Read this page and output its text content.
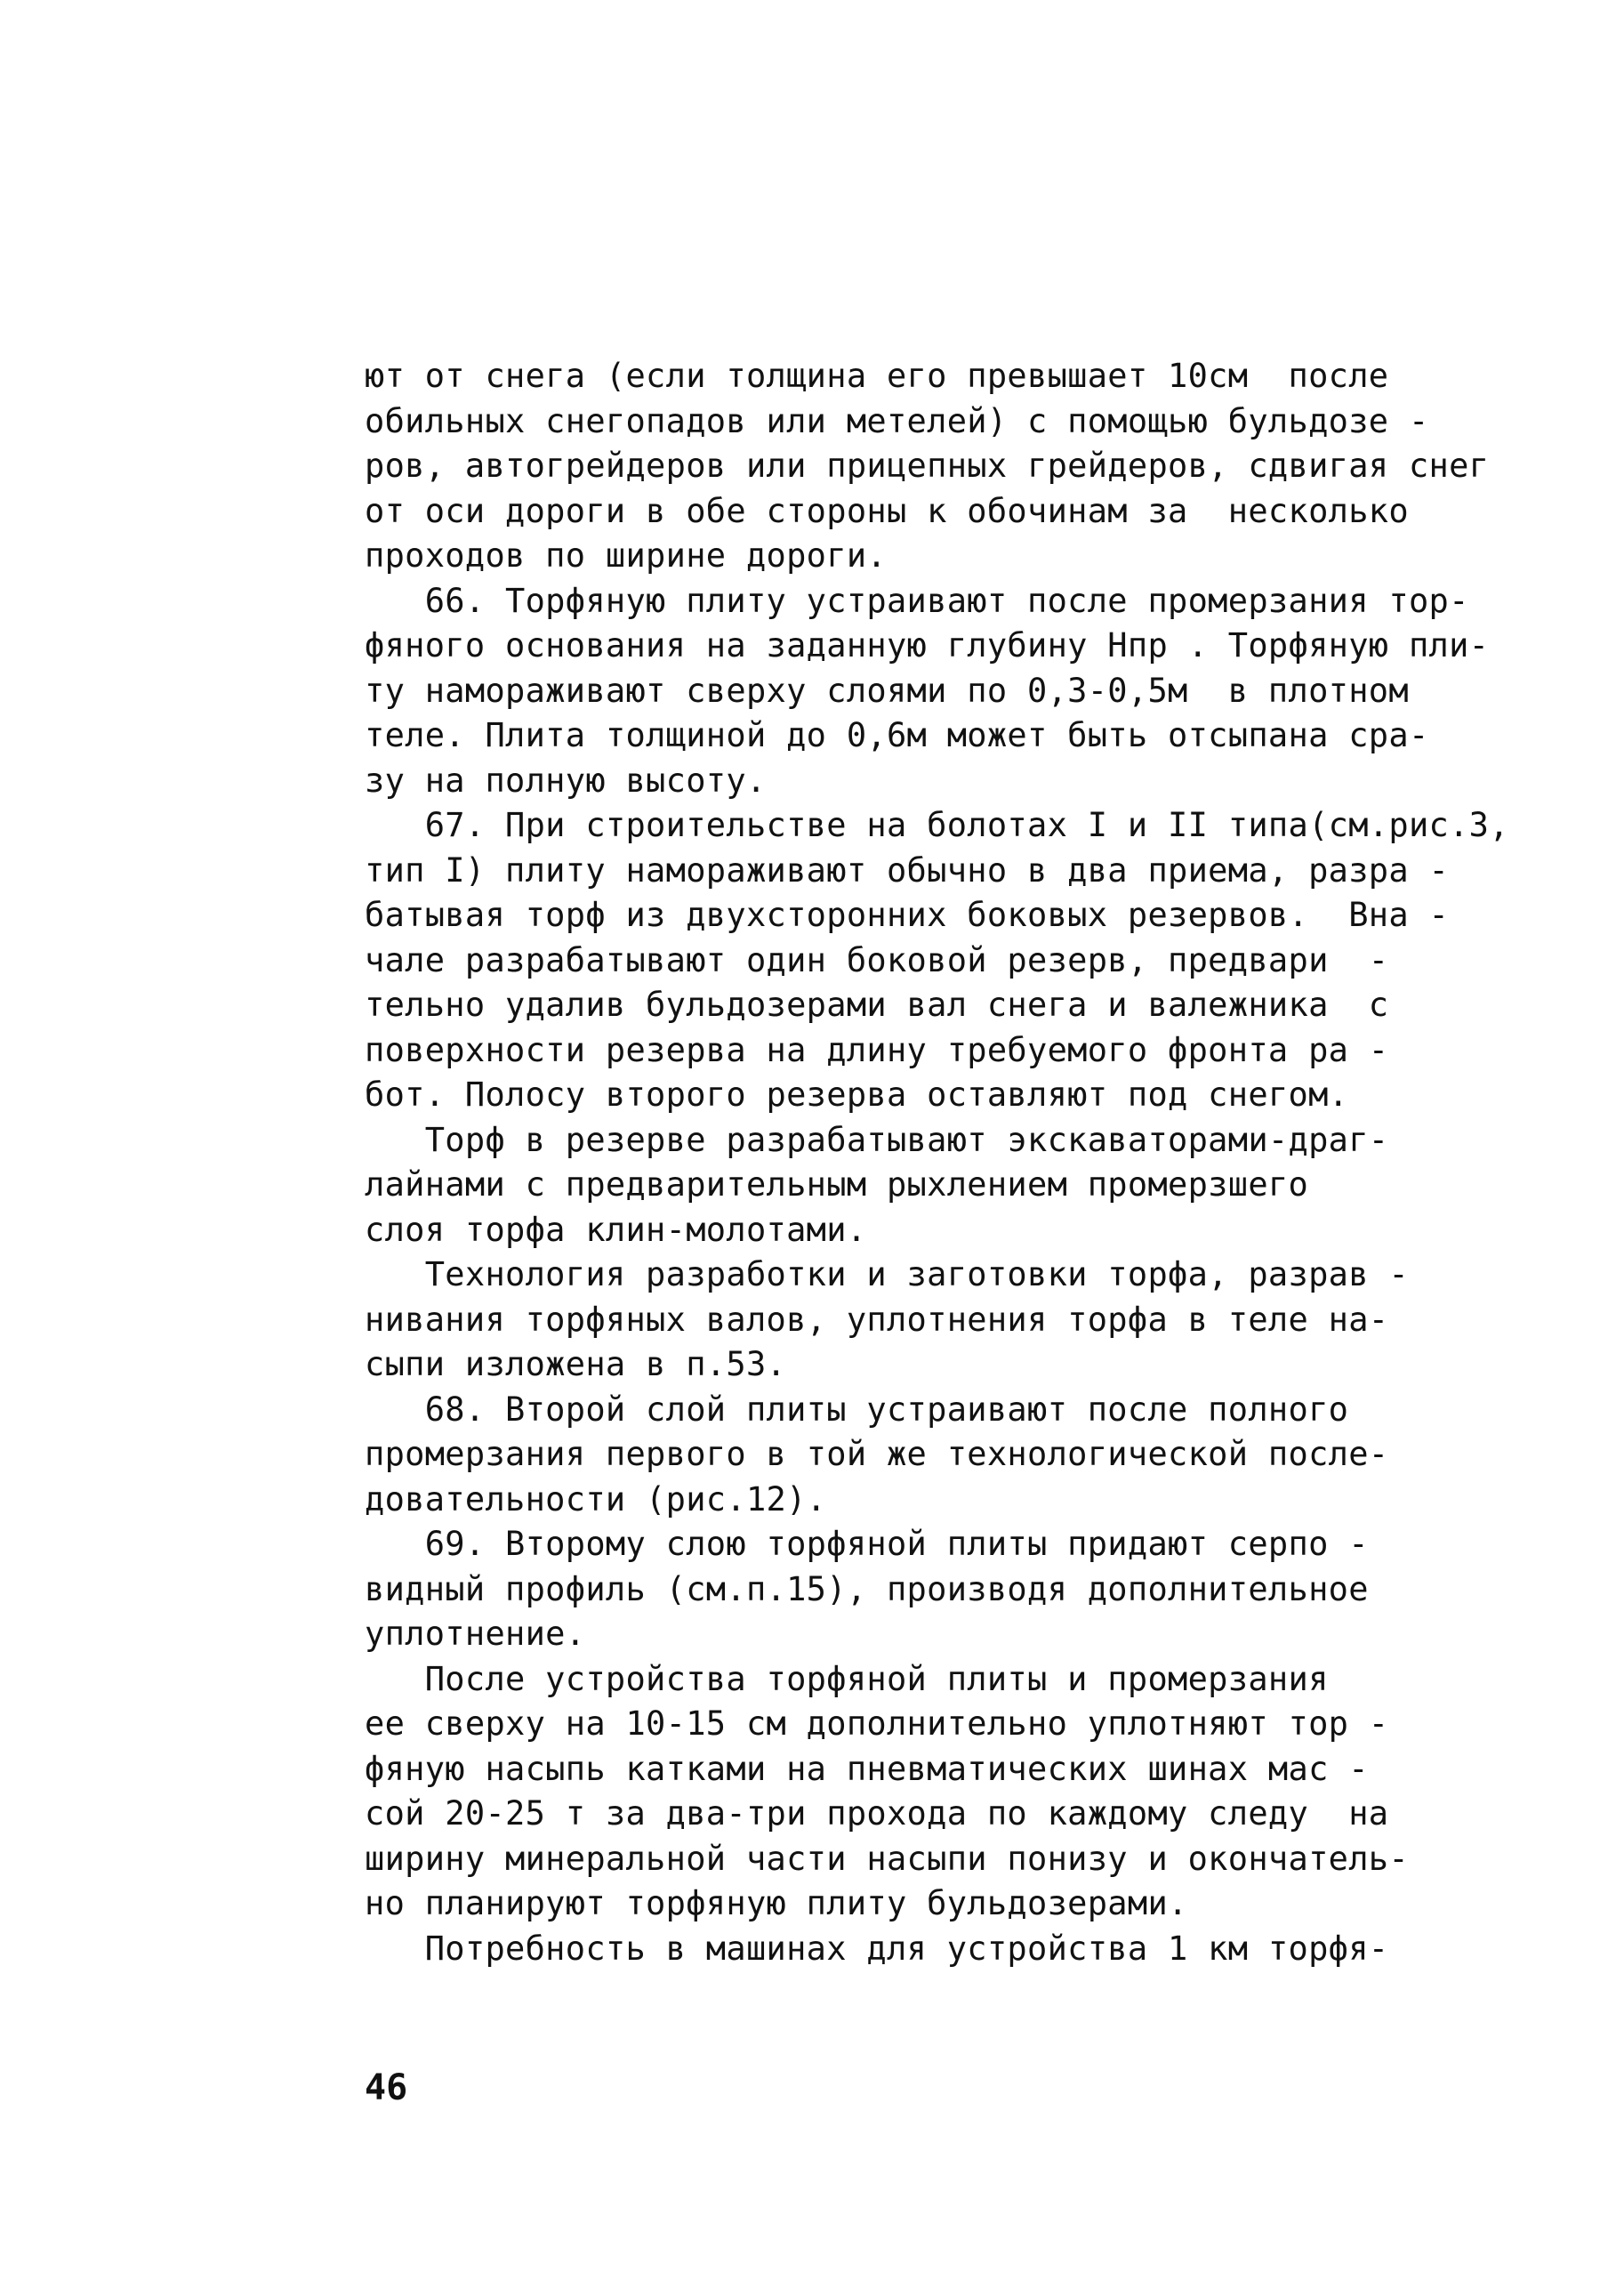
ют от снега (если толщина его превышает 10см  после
обильных снегопадов или метелей) с помощью бульдозе -
ров, автогрейдеров или прицепных грейдеров, сдвигая снег
от оси дороги в обе стороны к обочинам за  несколько
проходов по ширине дороги.
66. Торфяную плиту устраивают после промерзания тор-
фяного основания на заданную глубину Hпр . Торфяную пли-
ту намораживают сверху слоями по 0,3-0,5м  в плотном
теле. Плита толщиной до 0,6м может быть отсыпана сра-
зу на полную высоту.
67. При строительстве на болотах I и II типа(см.рис.3,
тип I) плиту намораживают обычно в два приема, разра -
батывая торф из двухсторонних боковых резервов.  Вна -
чале разрабатывают один боковой резерв, предвари  -
тельно удалив бульдозерами вал снега и валежника  с
поверхности резерва на длину требуемого фронта ра -
бот. Полосу второго резерва оставляют под снегом.
Торф в резерве разрабатывают экскаваторами-драг-
лайнами с предварительным рыхлением промерзшего
слоя торфа клин-молотами.
Технология разработки и заготовки торфа, разрав -
нивания торфяных валов, уплотнения торфа в теле на-
сыпи изложена в п.53.
68. Второй слой плиты устраивают после полного
промерзания первого в той же технологической после-
довательности (рис.12).
69. Второму слою торфяной плиты придают серпо -
видный профиль (см.п.15), производя дополнительное
уплотнение.
После устройства торфяной плиты и промерзания
ее сверху на 10-15 см дополнительно уплотняют тор -
фяную насыпь катками на пневматических шинах мас -
сой 20-25 т за два-три прохода по каждому следу  на
ширину минеральной части насыпи понизу и окончатель-
но планируют торфяную плиту бульдозерами.
Потребность в машинах для устройства 1 км торфя-
46
